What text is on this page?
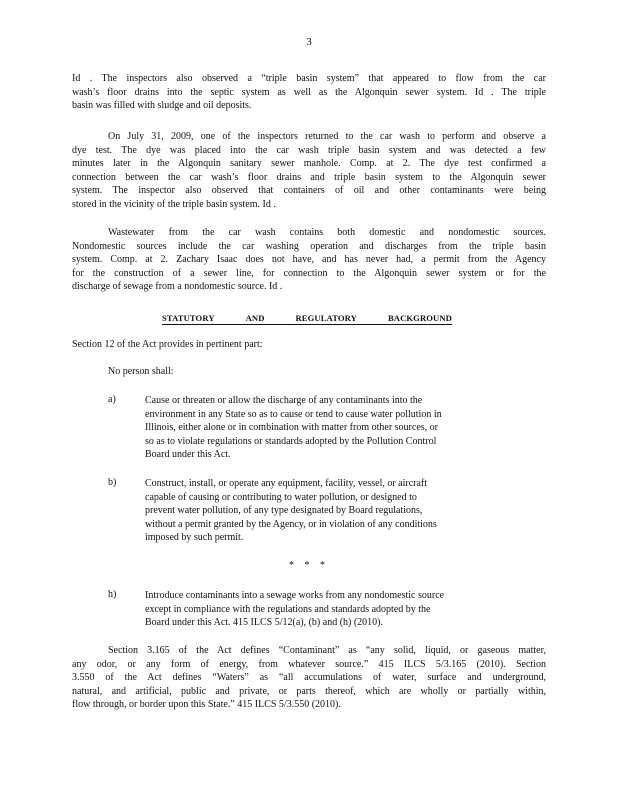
3
Id . The inspectors also observed a “triple basin system” that appeared to flow from the car
wash’s floor drains into the septic system as well as the Algonquin sewer system. Id . The triple
basin was filled with sludge and oil deposits.
On July 31, 2009, one of the inspectors returned to the car wash to perform and observe a
dye test. The dye was placed into the car wash triple basin system and was detected a few
minutes later in the Algonquin sanitary sewer manhole. Comp. at 2. The dye test confirmed a
connection between the car wash’s floor drains and triple basin system to the Algonquin sewer
system. The inspector also observed that containers of oil and other contaminants were being
stored in the vicinity of the triple basin system. Id .
Wastewater from the car wash contains both domestic and nondomestic sources.
Nondomestic sources include the car washing operation and discharges from the triple basin
system. Comp. at 2. Zachary Isaac does not have, and has never had, a permit from the Agency
for the construction of a sewer line, for connection to the Algonquin sewer system or for the
discharge of sewage from a nondomestic source. Id .
STATUTORY	AND	REGULATORY	BACKGROUND
Section 12 of the Act provides in pertinent part:
No person shall:
a)	Cause or threaten or allow the discharge of any contaminants into the
environment in any State so as to cause or tend to cause water pollution in
Illinois, either alone or in combination with matter from other sources, or
so as to violate regulations or standards adopted by the Pollution Control
Board under this Act.
b)	Construct, install, or operate any equipment, facility, vessel, or aircraft
capable of causing or contributing to water pollution, or designed to
prevent water pollution, of any type designated by Board regulations,
without a permit granted by the Agency, or in violation of any conditions
imposed by such permit.
* * *
h)	Introduce contaminants into a sewage works from any nondomestic source
except in compliance with the regulations and standards adopted by the
Board under this Act. 415 ILCS 5/12(a), (b) and (h) (2010).
Section 3.165 of the Act defines “Contaminant” as “any solid, liquid, or gaseous matter,
any odor, or any form of energy, from whatever source.” 415 ILCS 5/3.165 (2010). Section
3.550 of the Act defines “Waters” as “all accumulations of water, surface and underground,
natural, and artificial, public and private, or parts thereof, which are wholly or partially within,
flow through, or border upon this State.” 415 ILCS 5/3.550 (2010).
